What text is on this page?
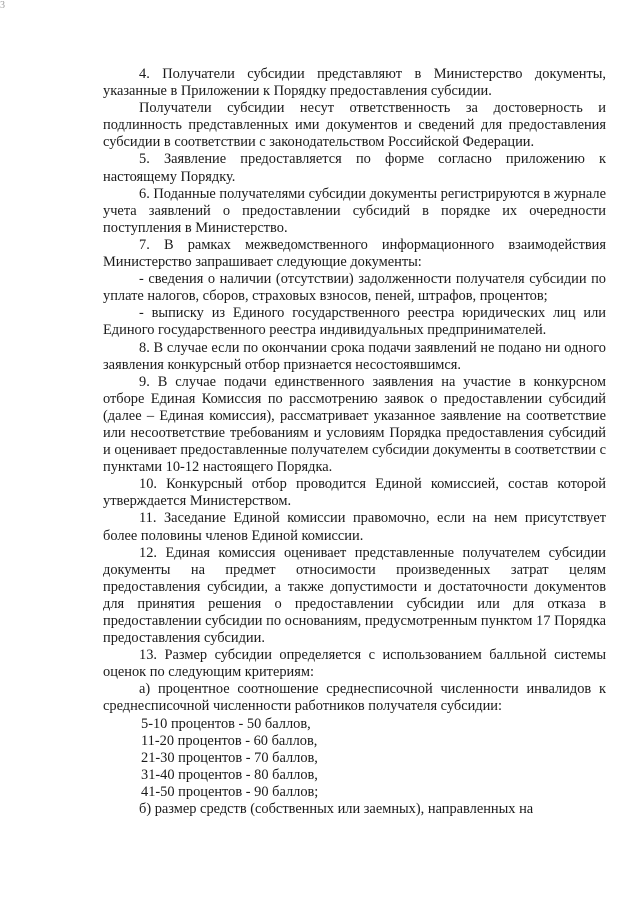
3

4. Получатели субсидии представляют в Министерство документы, указанные в Приложении к Порядку предоставления субсидии.

Получатели субсидии несут ответственность за достоверность и подлинность представленных ими документов и сведений для предоставления субсидии в соответствии с законодательством Российской Федерации.

5. Заявление предоставляется по форме согласно приложению к настоящему Порядку.

6. Поданные получателями субсидии документы регистрируются в журнале учета заявлений о предоставлении субсидий в порядке их очередности поступления в Министерство.

7. В рамках межведомственного информационного взаимодействия Министерство запрашивает следующие документы:

- сведения о наличии (отсутствии) задолженности получателя субсидии по уплате налогов, сборов, страховых взносов, пеней, штрафов, процентов;

- выписку из Единого государственного реестра юридических лиц или Единого государственного реестра индивидуальных предпринимателей.

8. В случае если по окончании срока подачи заявлений не подано ни одного заявления конкурсный отбор признается несостоявшимся.

9. В случае подачи единственного заявления на участие в конкурсном отборе Единая Комиссия по рассмотрению заявок о предоставлении субсидий (далее – Единая комиссия), рассматривает указанное заявление на соответствие или несоответствие требованиям и условиям Порядка предоставления субсидий и оценивает предоставленные получателем субсидии документы в соответствии с пунктами 10-12 настоящего Порядка.

10. Конкурсный отбор проводится Единой комиссией, состав которой утверждается Министерством.

11. Заседание Единой комиссии правомочно, если на нем присутствует более половины членов Единой комиссии.

12. Единая комиссия оценивает представленные получателем субсидии документы на предмет относимости произведенных затрат целям предоставления субсидии, а также допустимости и достаточности документов для принятия решения о предоставлении субсидии или для отказа в предоставлении субсидии по основаниям, предусмотренным пунктом 17 Порядка предоставления субсидии.

13. Размер субсидии определяется с использованием балльной системы оценок по следующим критериям:

а) процентное соотношение среднесписочной численности инвалидов к среднесписочной численности работников получателя субсидии:

5-10 процентов - 50 баллов,

11-20 процентов - 60 баллов,

21-30 процентов - 70 баллов,

31-40 процентов - 80 баллов,

41-50 процентов - 90 баллов;

б) размер средств (собственных или заемных), направленных на
